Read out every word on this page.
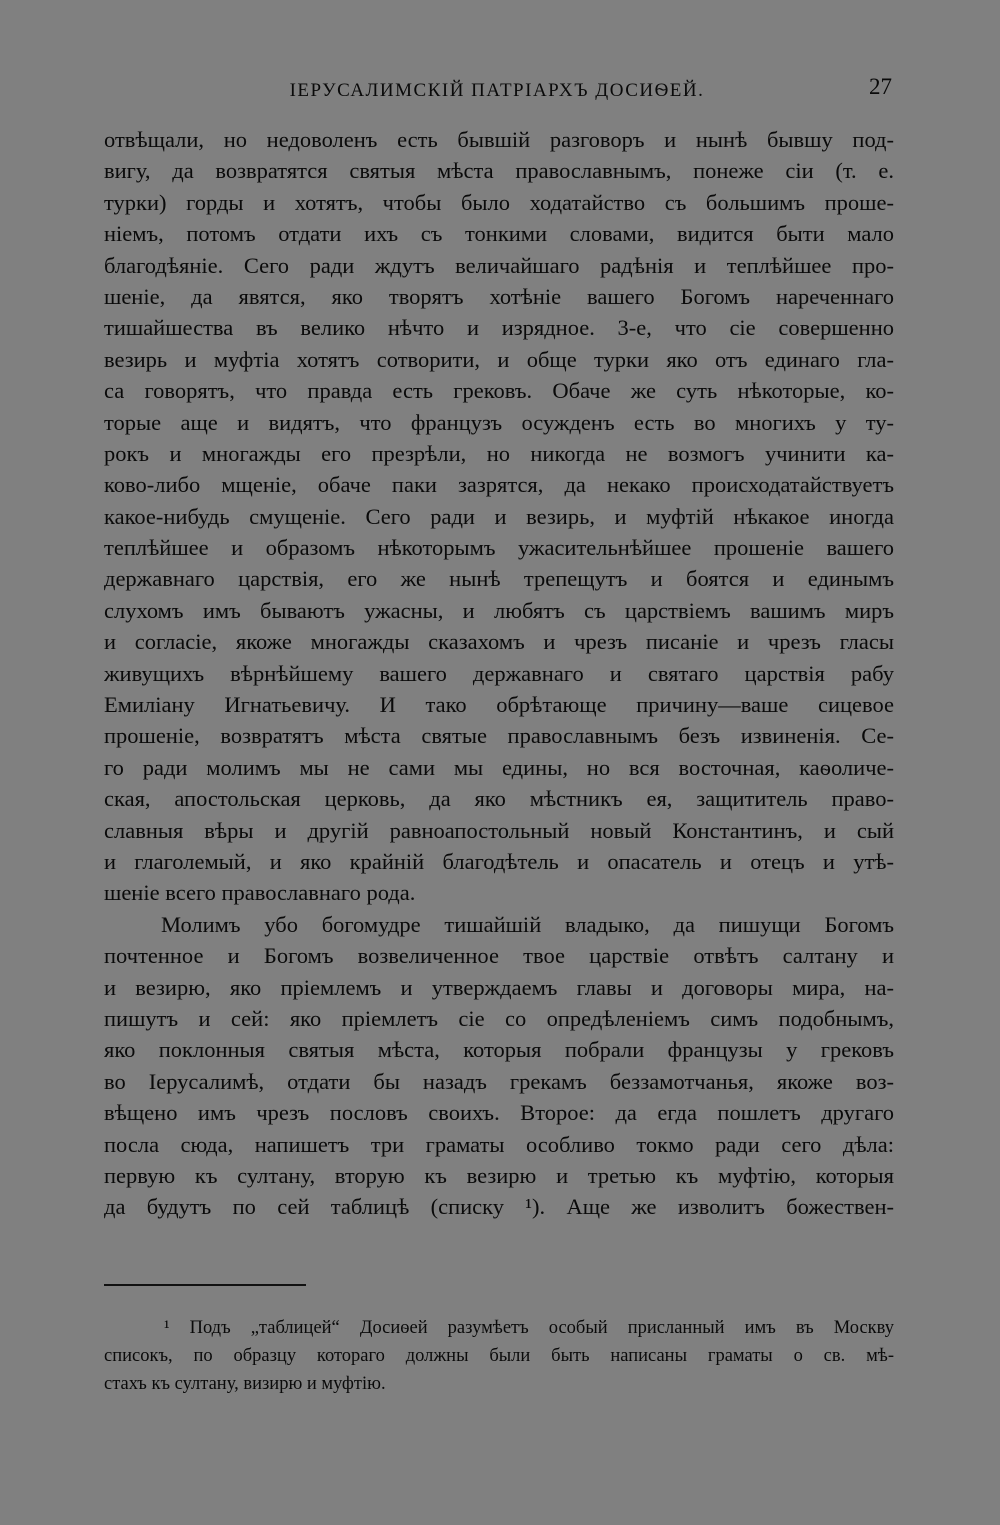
ІЕРУСАЛИМСКІЙ ПАТРІАРХЪ ДОСИѲЕЙ.	27
отвѣщали, но недоволенъ есть бывшій разговоръ и нынѣ бывшу под-
вигу, да возвратятся святыя мѣста православнымъ, понеже сіи (т. е.
турки) горды и хотятъ, чтобы было ходатайство съ большимъ проше-
ніемъ, потомъ отдати ихъ съ тонкими словами, видится быти мало
благодѣяніе. Сего ради ждутъ величайшаго радѣнія и теплѣйшее про-
шеніе, да явятся, яко творятъ хотѣніе вашего Богомъ нареченнаго
тишайшества въ велико нѣчто и изрядное. 3-е, что сіе совершенно
везирь и муфтіа хотятъ сотворити, и обще турки яко отъ единаго гла-
са говорятъ, что правда есть грековъ. Обаче же суть нѣкоторые, ко-
торые аще и видятъ, что французъ осужденъ есть во многихъ у ту-
рокъ и многажды его презрѣли, но никогда не возмогъ учинити ка-
ково-либо мщеніе, обаче паки зазрятся, да некако происходатайствуетъ
какое-нибудь смущеніе. Сего ради и везирь, и муфтій нѣкакое иногда
теплѣйшее и образомъ нѣкоторымъ ужасительнѣйшее прошеніе вашего
державнаго царствія, его же нынѣ трепещутъ и боятся и единымъ
слухомъ имъ бываютъ ужасны, и любятъ съ царствіемъ вашимъ миръ
и согласіе, якоже многажды сказахомъ и чрезъ писаніе и чрезъ гласы
живущихъ вѣрнѣйшему вашего державнаго и святаго царствія рабу
Емиліану Игнатьевичу. И тако обрѣтающе причину—ваше сицевое
прошеніе, возвратятъ мѣста святые православнымъ безъ извиненія. Се-
го ради молимъ мы не сами мы едины, но вся восточная, каѳоличе-
ская, апостольская церковь, да яко мѣстникъ ея, защититель право-
славныя вѣры и другій равноапостольный новый Константинъ, и сый
и глаголемый, и яко крайній благодѣтель и опасатель и отецъ и утѣ-
шеніе всего православнаго рода.
Молимъ убо богомудре тишайшій владыко, да пишущи Богомъ
почтенное и Богомъ возвеличенное твое царствіе отвѣтъ салтану и
и везирю, яко пріемлемъ и утверждаемъ главы и договоры мира, на-
пишутъ и сей: яко пріемлетъ сіе со опредѣленіемъ симъ подобнымъ,
яко поклонныя святыя мѣста, которыя побрали французы у грековъ
во Іерусалимѣ, отдати бы назадъ грекамъ беззамотчанья, якоже воз-
вѣщено имъ чрезъ пословъ своихъ. Второе: да егда пошлетъ другаго
посла сюда, напишетъ три граматы особливо токмо ради сего дѣла:
первую къ султану, вторую къ везирю и третью къ муфтію, которыя
да будутъ по сей таблицѣ (списку ¹). Аще же изволитъ божествен-
¹ Подъ „таблицей“ Досиѳей разумѣетъ особый присланный имъ въ Москву
списокъ, по образцу котораго должны были быть написаны граматы о св. мѣ-
стахъ къ султану, визирю и муфтію.
